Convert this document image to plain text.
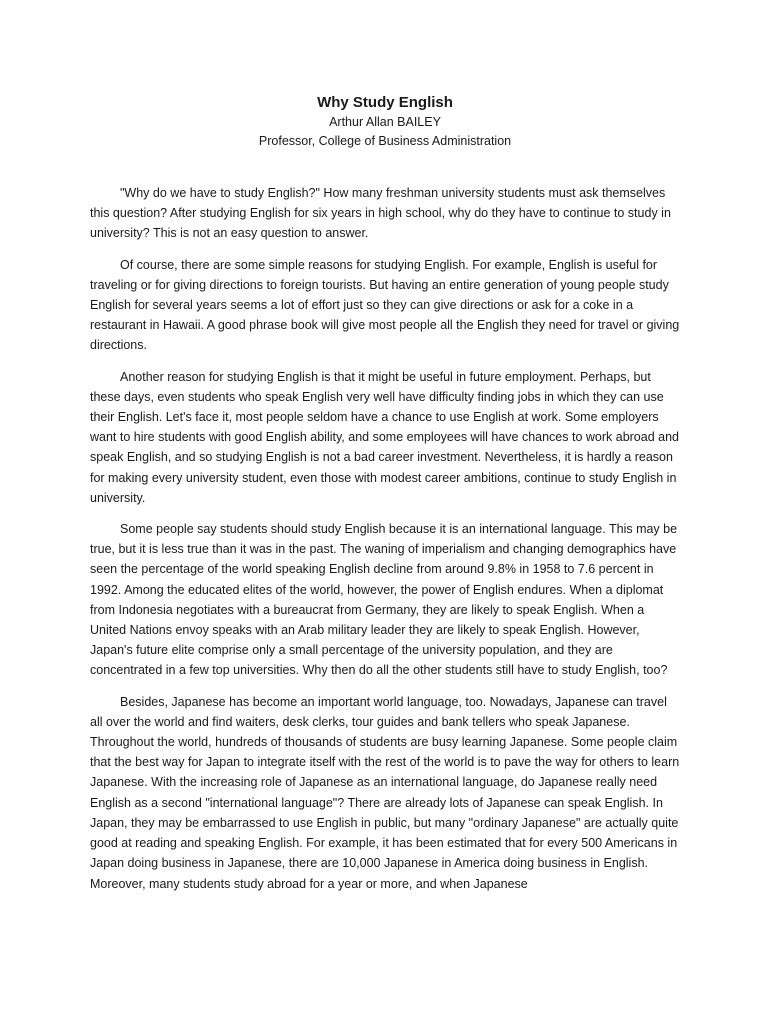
Why Study English

Arthur Allan BAILEY

Professor, College of Business Administration

"Why do we have to study English?" How many freshman university students must ask themselves this question? After studying English for six years in high school, why do they have to continue to study in university? This is not an easy question to answer.

Of course, there are some simple reasons for studying English. For example, English is useful for traveling or for giving directions to foreign tourists. But having an entire generation of young people study English for several years seems a lot of effort just so they can give directions or ask for a coke in a restaurant in Hawaii. A good phrase book will give most people all the English they need for travel or giving directions.

Another reason for studying English is that it might be useful in future employment. Perhaps, but these days, even students who speak English very well have difficulty finding jobs in which they can use their English. Let's face it, most people seldom have a chance to use English at work. Some employers want to hire students with good English ability, and some employees will have chances to work abroad and speak English, and so studying English is not a bad career investment. Nevertheless, it is hardly a reason for making every university student, even those with modest career ambitions, continue to study English in university.

Some people say students should study English because it is an international language. This may be true, but it is less true than it was in the past. The waning of imperialism and changing demographics have seen the percentage of the world speaking English decline from around 9.8% in 1958 to 7.6 percent in 1992. Among the educated elites of the world, however, the power of English endures. When a diplomat from Indonesia negotiates with a bureaucrat from Germany, they are likely to speak English. When a United Nations envoy speaks with an Arab military leader they are likely to speak English. However, Japan's future elite comprise only a small percentage of the university population, and they are concentrated in a few top universities. Why then do all the other students still have to study English, too?

Besides, Japanese has become an important world language, too. Nowadays, Japanese can travel all over the world and find waiters, desk clerks, tour guides and bank tellers who speak Japanese. Throughout the world, hundreds of thousands of students are busy learning Japanese. Some people claim that the best way for Japan to integrate itself with the rest of the world is to pave the way for others to learn Japanese. With the increasing role of Japanese as an international language, do Japanese really need English as a second "international language"? There are already lots of Japanese can speak English. In Japan, they may be embarrassed to use English in public, but many "ordinary Japanese" are actually quite good at reading and speaking English. For example, it has been estimated that for every 500 Americans in Japan doing business in Japanese, there are 10,000 Japanese in America doing business in English. Moreover, many students study abroad for a year or more, and when Japanese
